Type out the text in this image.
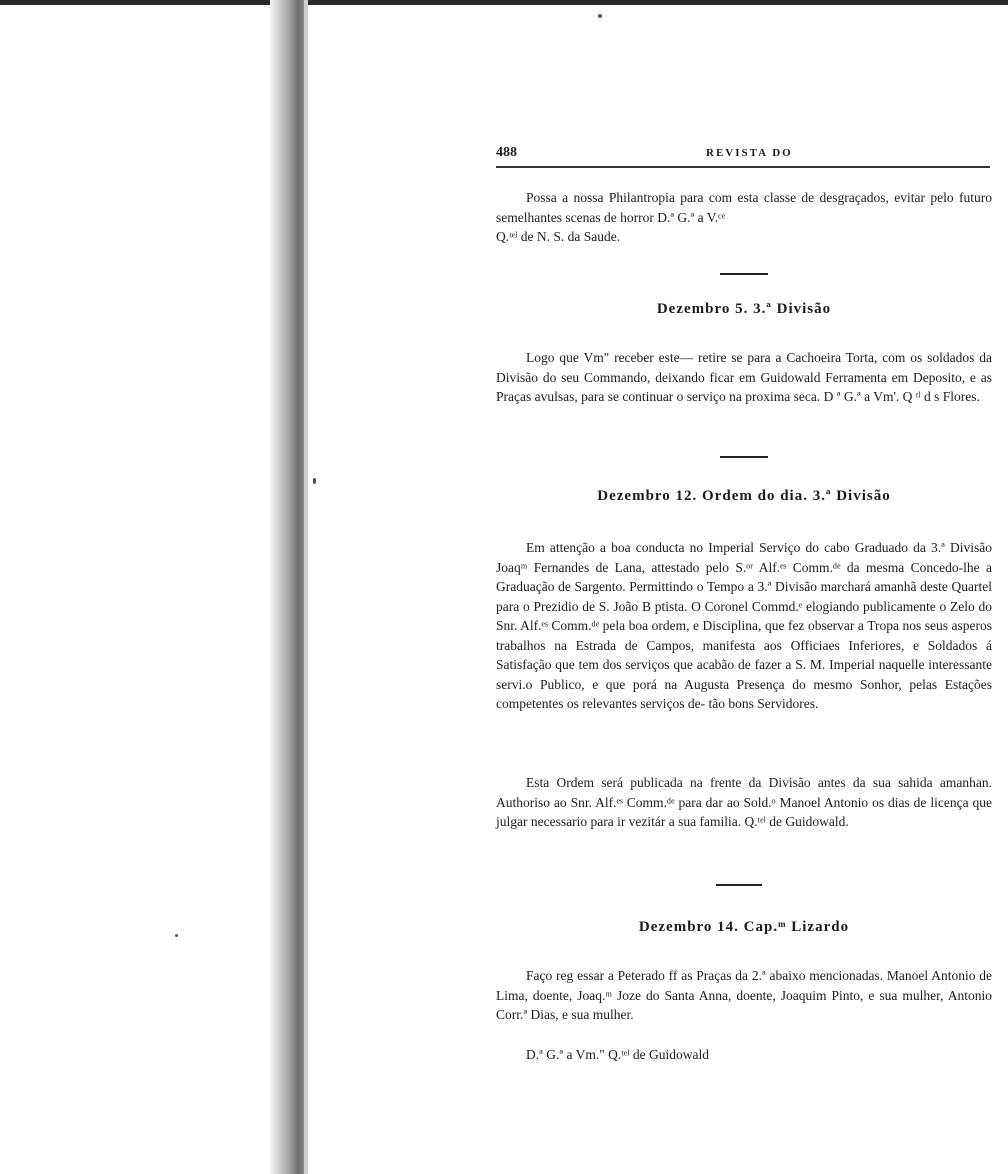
488	REVISTA DO

Possa a nossa Philantropia para com esta classe de desgraçados, evitar pelo futuro semelhantes scenas de horror D.ª G.ª a V.ᶜᵉ
Q.ᵗᵉˡ de N. S. da Saude.

Dezembro 5. 3.ª Divisão

Logo que Vm" receber este— retire se para a Cachoeira Torta, com os soldados da Divisão do seu Commando, deixando ficar em Guidowald Ferramenta em Deposito, e as Praças avulsas, para se continuar o serviço na proxima seca. D ª G.ª a Vm'. Q ᵗˡ d s Flores.

Dezembro 12. Ordem do dia. 3.ª Divisão

Em attenção a boa conducta no Imperial Serviço do cabo Graduado da 3.ª Divisão Joaqᵐ Fernandes de Lana, attestado pelo S.ᵒʳ Alf.ᵉˢ Comm.ᵈᵉ da mesma Concedo-lhe a Graduação de Sargento. Permittindo o Tempo a 3.ª Divisão marchará amanhã deste Quartel para o Prezidio de S. João B ptista. O Coronel Commd.ᵉ elogiando publicamente o Zelo do Snr. Alf.ᵉˢ Comm.ᵈᵉ pela boa ordem, e Disciplina, que fez observar a Tropa nos seus asperos trabalhos na Estrada de Campos, manifesta aos Officiaes Inferiores, e Soldados á Satisfação que tem dos serviços que acabão de fazer a S. M. Imperial naquelle interessante servi.o Publico, e que porá na Augusta Presença do mesmo Sonhor, pelas Estações competentes os relevantes serviços de- tão bons Servidores.

Esta Ordem será publicada na frente da Divisão antes da sua sahida amanhan. Authoriso ao Snr. Alf.ᵉˢ Comm.ᵈᵉ para dar ao Sold.ᵒ Manoel Antonio os dias de licença que julgar necessario para ir vezitár a sua familia. Q.ᵗᵉˡ de Guidowald.

Dezembro 14. Cap.ᵐ Lizardo

Faço reg essar a Peterado ff as Praças da 2.ª abaixo mencionadas. Manoel Antonio de Lima, doente, Joaq.ᵐ Joze do Santa Anna, doente, Joaquim Pinto, e sua mulher, Antonio Corr.ª Dias, e sua mulher.

D.ª G.ª a Vm." Q.ᵗᵉˡ de Guidowald
